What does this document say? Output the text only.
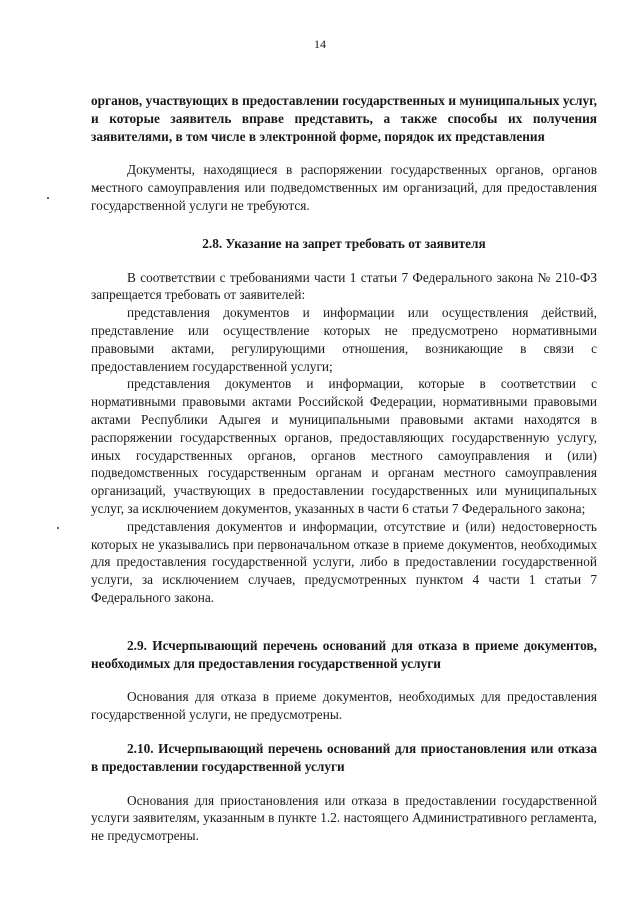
14

органов, участвующих в предоставлении государственных и муниципальных услуг, и которые заявитель вправе представить, а также способы их получения заявителями, в том числе в электронной форме, порядок их представления

Документы, находящиеся в распоряжении государственных органов, органов местного самоуправления или подведомственных им организаций, для предоставления государственной услуги не требуются.

2.8. Указание на запрет требовать от заявителя

В соответствии с требованиями части 1 статьи 7 Федерального закона № 210-ФЗ запрещается требовать от заявителей:

представления документов и информации или осуществления действий, представление или осуществление которых не предусмотрено нормативными правовыми актами, регулирующими отношения, возникающие в связи с предоставлением государственной услуги;

представления документов и информации, которые в соответствии с нормативными правовыми актами Российской Федерации, нормативными правовыми актами Республики Адыгея и муниципальными правовыми актами находятся в распоряжении государственных органов, предоставляющих государственную услугу, иных государственных органов, органов местного самоуправления и (или) подведомственных государственным органам и органам местного самоуправления организаций, участвующих в предоставлении государственных или муниципальных услуг, за исключением документов, указанных в части 6 статьи 7 Федерального закона;

представления документов и информации, отсутствие и (или) недостоверность которых не указывались при первоначальном отказе в приеме документов, необходимых для предоставления государственной услуги, либо в предоставлении государственной услуги, за исключением случаев, предусмотренных пунктом 4 части 1 статьи 7 Федерального закона.

2.9. Исчерпывающий перечень оснований для отказа в приеме документов, необходимых для предоставления государственной услуги

Основания для отказа в приеме документов, необходимых для предоставления государственной услуги, не предусмотрены.

2.10. Исчерпывающий перечень оснований для приостановления или отказа в предоставлении государственной услуги

Основания для приостановления или отказа в предоставлении государственной услуги заявителям, указанным в пункте 1.2. настоящего Административного регламента, не предусмотрены.
